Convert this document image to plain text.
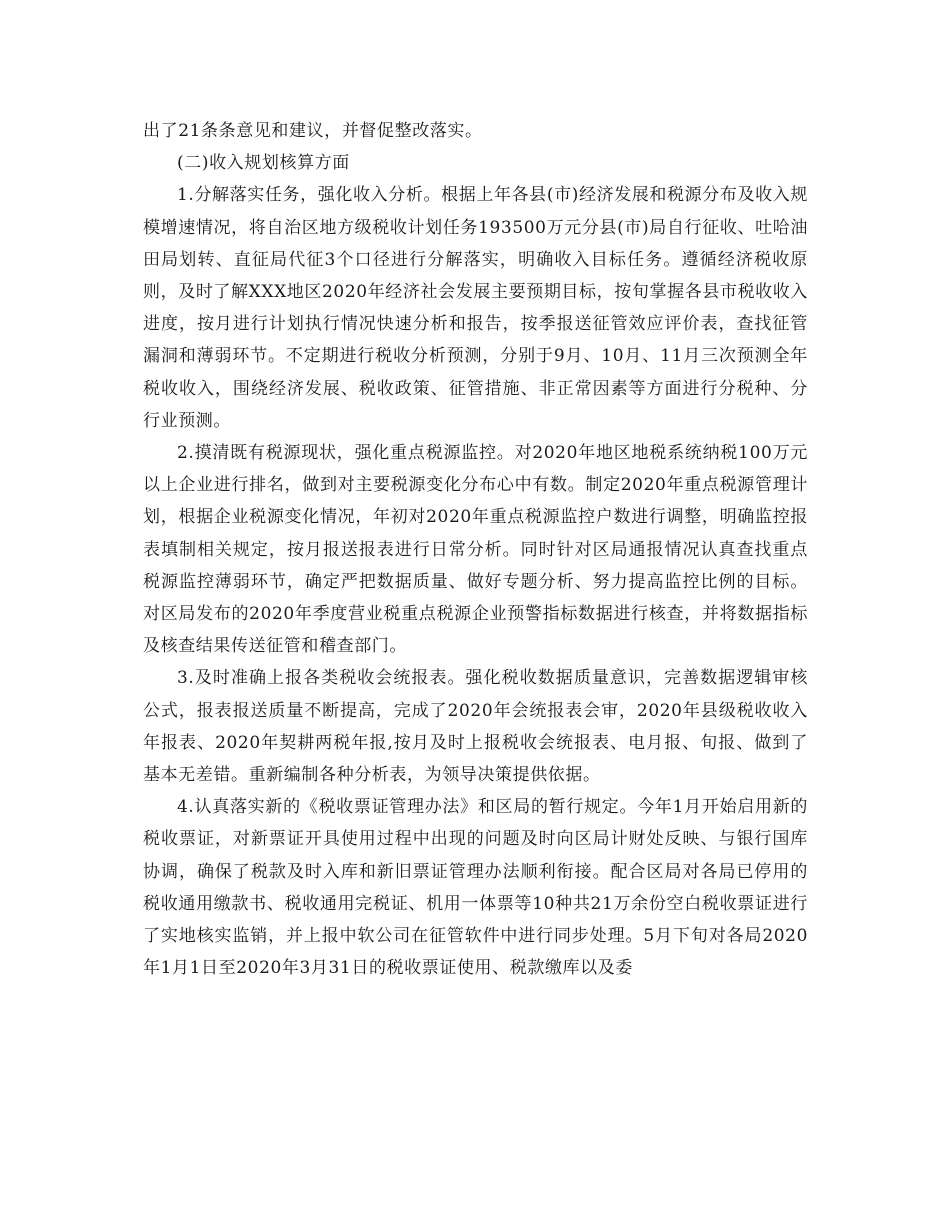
出了21条条意见和建议，并督促整改落实。

(二)收入规划核算方面

1.分解落实任务，强化收入分析。根据上年各县(市)经济发展和税源分布及收入规模增速情况，将自治区地方级税收计划任务193500万元分县(市)局自行征收、吐哈油田局划转、直征局代征3个口径进行分解落实，明确收入目标任务。遵循经济税收原则，及时了解XXX地区2020年经济社会发展主要预期目标，按旬掌握各县市税收收入进度，按月进行计划执行情况快速分析和报告，按季报送征管效应评价表，查找征管漏洞和薄弱环节。不定期进行税收分析预测，分别于9月、10月、11月三次预测全年税收收入，围绕经济发展、税收政策、征管措施、非正常因素等方面进行分税种、分行业预测。

2.摸清既有税源现状，强化重点税源监控。对2020年地区地税系统纳税100万元以上企业进行排名，做到对主要税源变化分布心中有数。制定2020年重点税源管理计划，根据企业税源变化情况，年初对2020年重点税源监控户数进行调整，明确监控报表填制相关规定，按月报送报表进行日常分析。同时针对区局通报情况认真查找重点税源监控薄弱环节，确定严把数据质量、做好专题分析、努力提高监控比例的目标。对区局发布的2020年季度营业税重点税源企业预警指标数据进行核查，并将数据指标及核查结果传送征管和稽查部门。

3.及时准确上报各类税收会统报表。强化税收数据质量意识，完善数据逻辑审核公式，报表报送质量不断提高，完成了2020年会统报表会审，2020年县级税收收入年报表、2020年契耕两税年报,按月及时上报税收会统报表、电月报、旬报、做到了基本无差错。重新编制各种分析表，为领导决策提供依据。

4.认真落实新的《税收票证管理办法》和区局的暂行规定。今年1月开始启用新的税收票证，对新票证开具使用过程中出现的问题及时向区局计财处反映、与银行国库协调，确保了税款及时入库和新旧票证管理办法顺利衔接。配合区局对各局已停用的税收通用缴款书、税收通用完税证、机用一体票等10种共21万余份空白税收票证进行了实地核实监销，并上报中软公司在征管软件中进行同步处理。5月下旬对各局2020年1月1日至2020年3月31日的税收票证使用、税款缴库以及委
